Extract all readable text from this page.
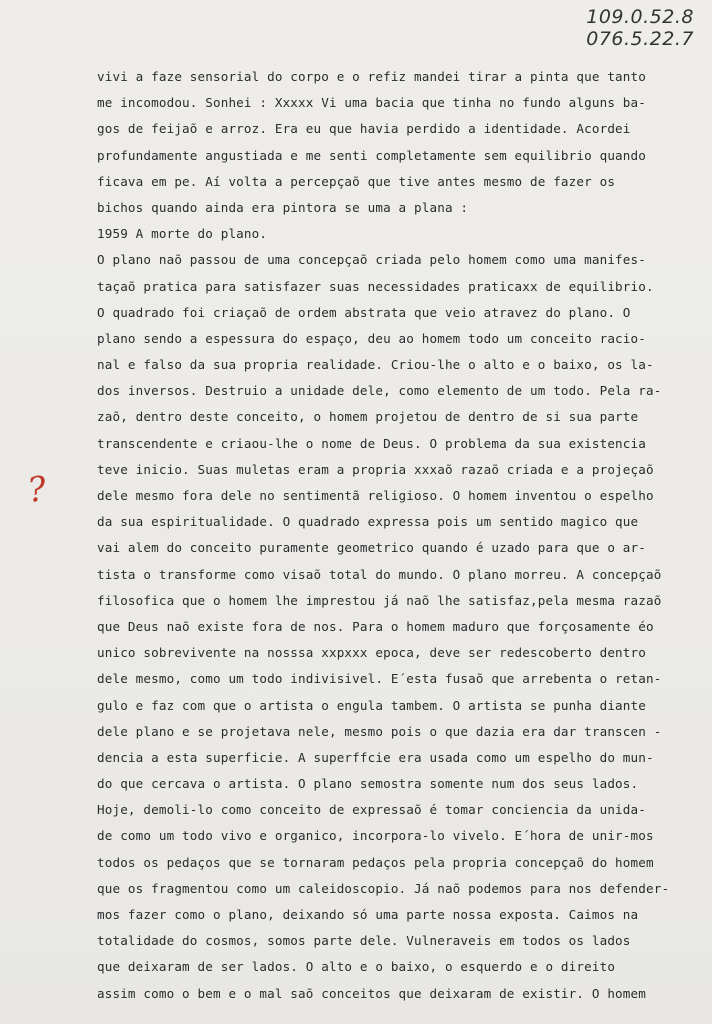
109.0.52.8
076.5.22.7
?
vivi a faze sensorial do corpo e o refiz mandei tirar a pinta que tanto
me incomodou. Sonhei : Xxxxx Vi uma bacia que tinha no fundo alguns ba-
gos de feijaõ e arroz. Era eu que havia perdido a identidade. Acordei
profundamente angustiada e me senti completamente sem equilibrio quando
ficava em pe. Aí volta a percepçaõ que tive antes mesmo de fazer os
bichos quando ainda era pintora se uma a plana :
1959 A morte do plano.
O plano naõ passou de uma concepçaõ criada pelo homem como uma manifes-
taçaõ pratica para satisfazer suas necessidades praticaxx de equilibrio.
O quadrado foi criaçaõ de ordem abstrata que veio atravez do plano. O
plano sendo a espessura do espaço, deu ao homem todo um conceito racio-
nal e falso da sua propria realidade. Criou-lhe o alto e o baixo, os la-
dos inversos. Destruio a unidade dele, como elemento de um todo. Pela ra-
zaõ, dentro deste conceito, o homem projetou de dentro de si sua parte
transcendente e criaou-lhe o nome de Deus. O problema da sua existencia
teve inicio. Suas muletas eram a propria xxxaõ razaõ criada e a projeçaõ
dele mesmo fora dele no sentimentã religioso. O homem inventou o espelho
da sua espiritualidade. O quadrado expressa pois um sentido magico que
vai alem do conceito puramente geometrico quando é uzado para que o ar-
tista o transforme como visaõ total do mundo. O plano morreu. A concepçaõ
filosofica que o homem lhe imprestou já naõ lhe satisfaz,pela mesma razaõ
que Deus naõ existe fora de nos. Para o homem maduro que forçosamente éo
unico sobrevivente na nosssa xxpxxx epoca, deve ser redescoberto dentro
dele mesmo, como um todo indivisivel. E´esta fusaõ que arrebenta o retan-
gulo e faz com que o artista o engula tambem. O artista se punha diante
dele plano e se projetava nele, mesmo pois o que dazia era dar transcen -
dencia a esta superficie. A superffcie era usada como um espelho do mun-
do que cercava o artista. O plano semostra somente num dos seus lados.
Hoje, demoli-lo como conceito de expressaõ é tomar conciencia da unida-
de como um todo vivo e organico, incorpora-lo vivelo. E´hora de unir-mos
todos os pedaços que se tornaram pedaços pela propria concepçaõ do homem
que os fragmentou como um caleidoscopio. Já naõ podemos para nos defender-
mos fazer como o plano, deixando só uma parte nossa exposta. Caimos na
totalidade do cosmos, somos parte dele. Vulneraveis em todos os lados
que deixaram de ser lados. O alto e o baixo, o esquerdo e o direito
assim como o bem e o mal saõ conceitos que deixaram de existir. O homem
